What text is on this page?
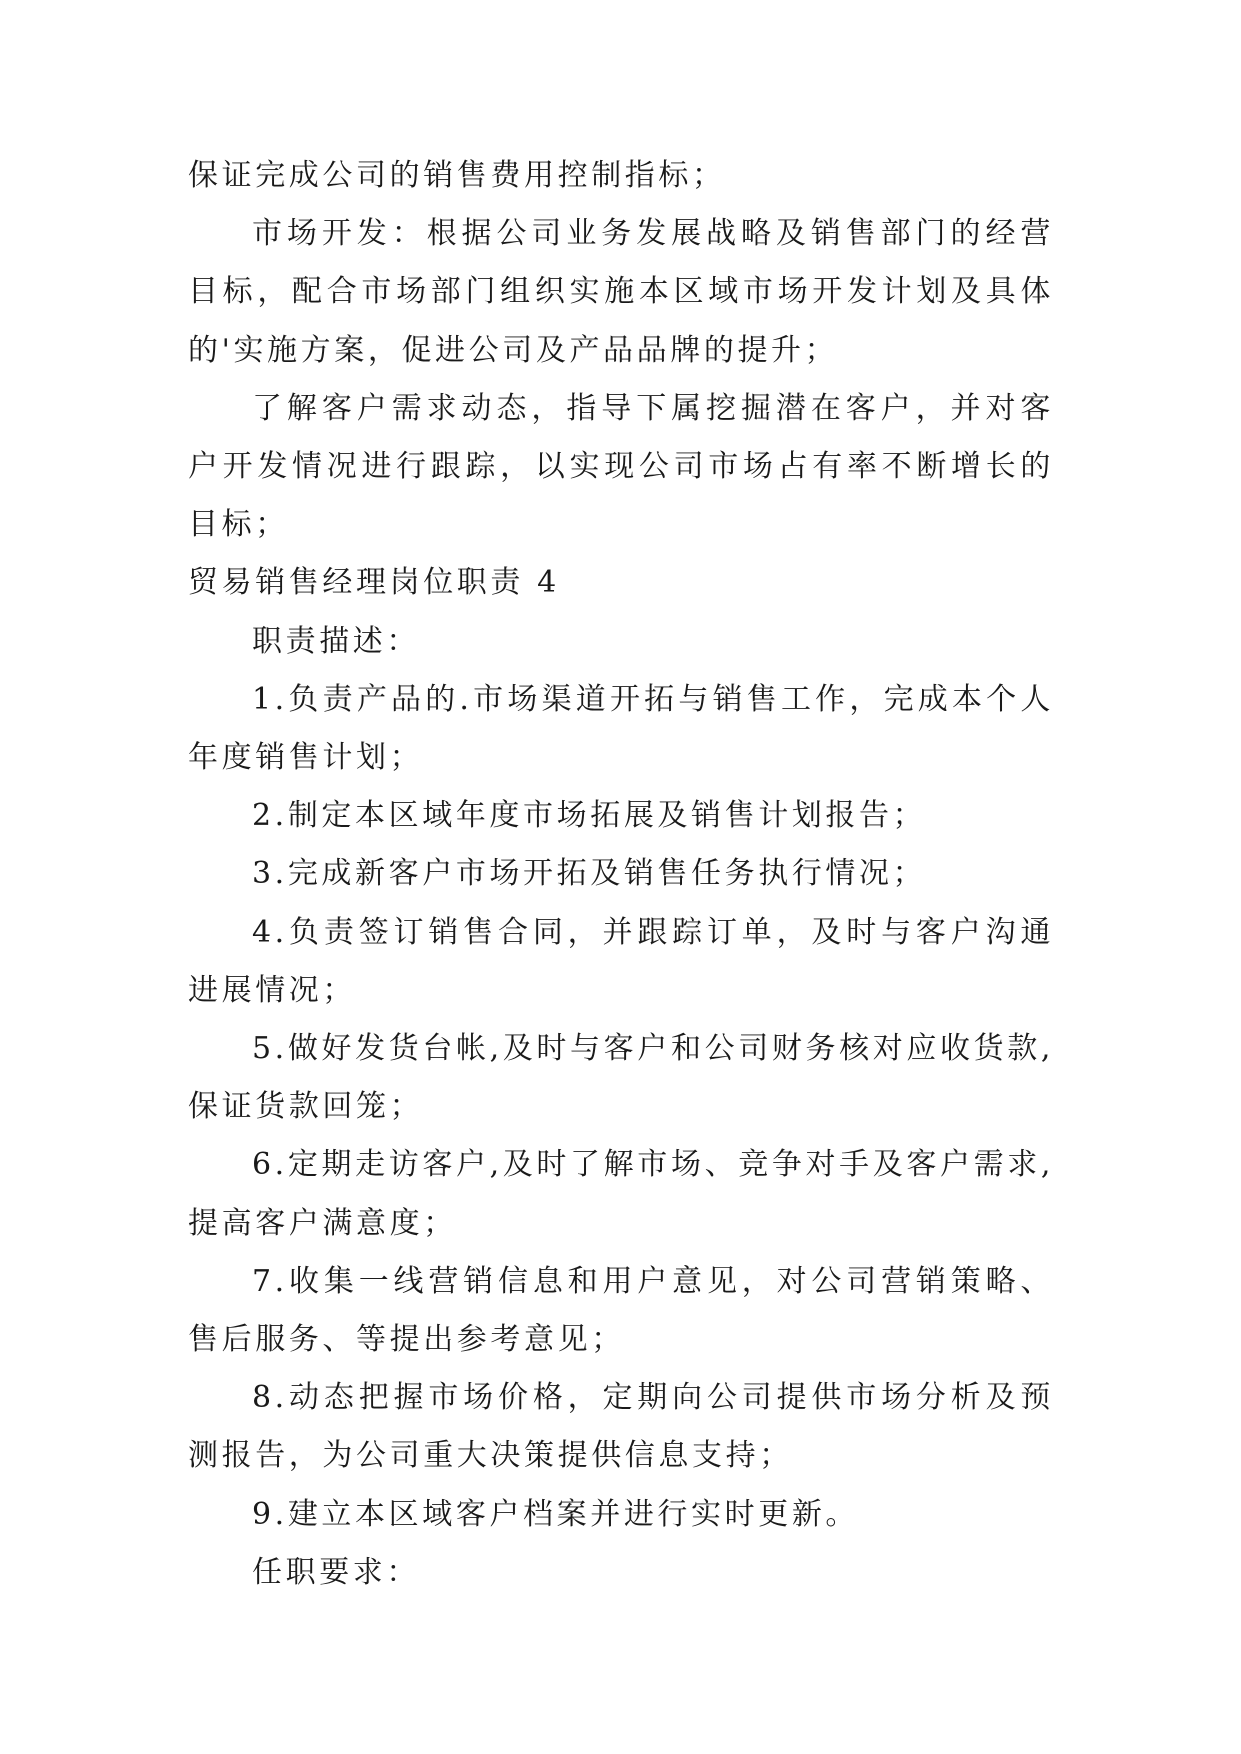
保证完成公司的销售费用控制指标；

市场开发：根据公司业务发展战略及销售部门的经营目标，配合市场部门组织实施本区域市场开发计划及具体的'实施方案，促进公司及产品品牌的提升；

了解客户需求动态，指导下属挖掘潜在客户，并对客户开发情况进行跟踪，以实现公司市场占有率不断增长的目标；

贸易销售经理岗位职责 4

职责描述：

1.负责产品的.市场渠道开拓与销售工作，完成本个人年度销售计划；

2.制定本区域年度市场拓展及销售计划报告；

3.完成新客户市场开拓及销售任务执行情况；

4.负责签订销售合同，并跟踪订单，及时与客户沟通进展情况；

5.做好发货台帐,及时与客户和公司财务核对应收货款,保证货款回笼；

6.定期走访客户,及时了解市场、竞争对手及客户需求,提高客户满意度；

7.收集一线营销信息和用户意见，对公司营销策略、售后服务、等提出参考意见；

8.动态把握市场价格，定期向公司提供市场分析及预测报告，为公司重大决策提供信息支持；

9.建立本区域客户档案并进行实时更新。

任职要求：
